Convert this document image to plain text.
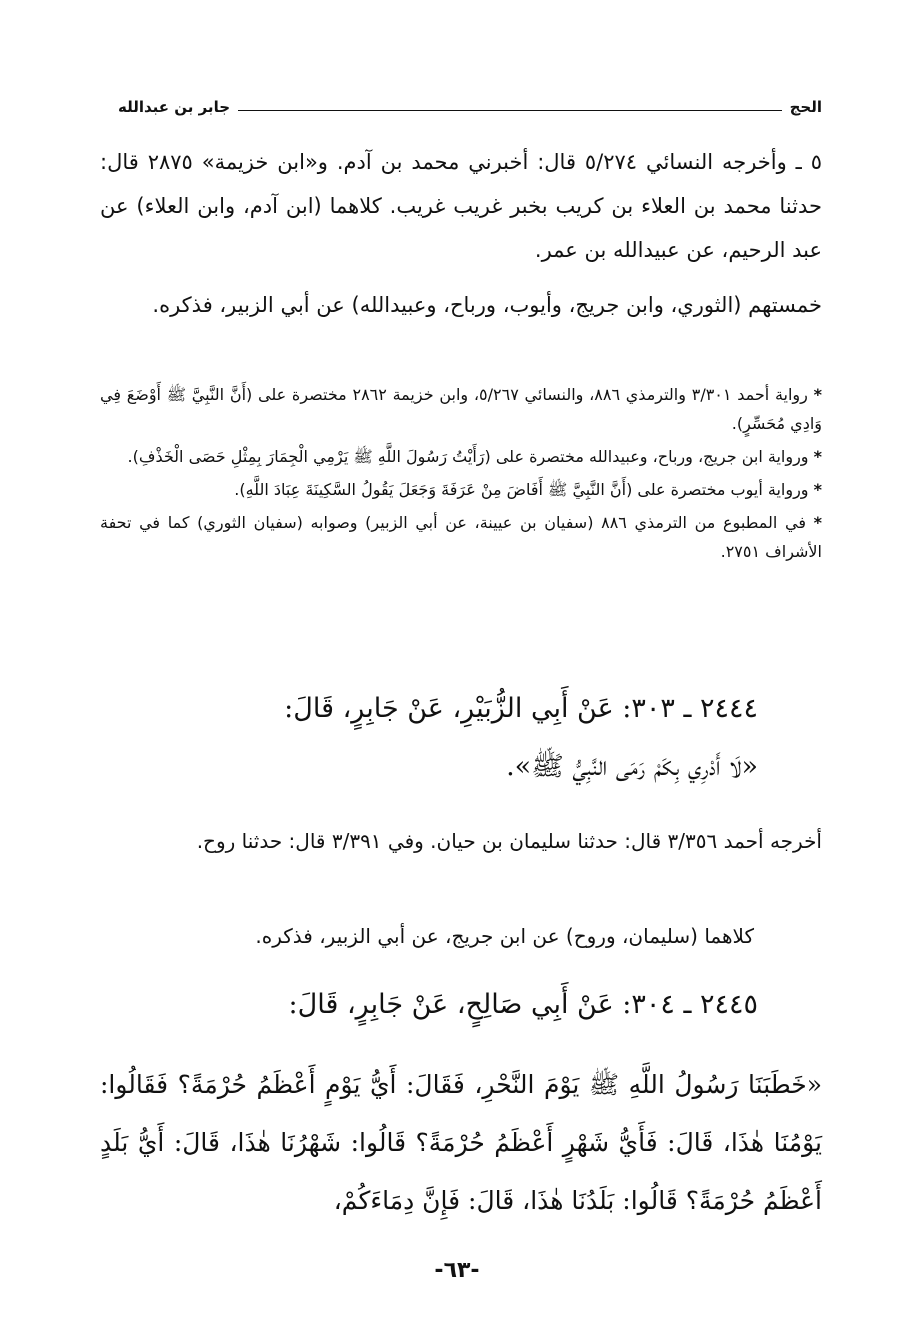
الحج
جابر بن عبدالله
٥ ـ وأخرجه النسائي ٥/٢٧٤ قال: أخبرني محمد بن آدم. و«ابن خزيمة» ٢٨٧٥ قال: حدثنا محمد بن العلاء بن كريب بخبر غريب غريب. كلاهما (ابن آدم، وابن العلاء) عن عبد الرحيم، عن عبيدالله بن عمر.
خمستهم (الثوري، وابن جريج، وأيوب، ورباح، وعبيدالله) عن أبي الزبير، فذكره.
* رواية أحمد ٣/٣٠١ والترمذي ٨٨٦، والنسائي ٥/٢٦٧، وابن خزيمة ٢٨٦٢ مختصرة على (أَنَّ النَّبِيَّ ﷺ أَوْضَعَ فِي وَادِي مُحَسِّرٍ).
* ورواية ابن جريج، ورباح، وعبيدالله مختصرة على (رَأَيْتُ رَسُولَ اللَّهِ ﷺ يَرْمِي الْجِمَارَ بِمِثْلِ حَصَى الْخَذْفِ).
* ورواية أيوب مختصرة على (أَنَّ النَّبِيَّ ﷺ أَفَاضَ مِنْ عَرَفَةَ وَجَعَلَ يَقُولُ السَّكِينَةَ عِبَادَ اللَّهِ).
* في المطبوع من الترمذي ٨٨٦ (سفيان بن عيينة، عن أبي الزبير) وصوابه (سفيان الثوري) كما في تحفة الأشراف ٢٧٥١.
٢٤٤٤ ـ ٣٠٣: عَنْ أَبِي الزُّبَيْرِ، عَنْ جَابِرٍ، قَالَ:
«لَا أَدْرِي بِكَمْ رَمَى النَّبِيُّ ﷺ».
أخرجه أحمد ٣/٣٥٦ قال: حدثنا سليمان بن حيان. وفي ٣/٣٩١ قال: حدثنا روح.
كلاهما (سليمان، وروح) عن ابن جريج، عن أبي الزبير، فذكره.
٢٤٤٥ ـ ٣٠٤: عَنْ أَبِي صَالِحٍ، عَنْ جَابِرٍ، قَالَ:
«خَطَبَنَا رَسُولُ اللَّهِ ﷺ يَوْمَ النَّحْرِ، فَقَالَ: أَيُّ يَوْمٍ أَعْظَمُ حُرْمَةً؟ فَقَالُوا: يَوْمُنَا هٰذَا، قَالَ: فَأَيُّ شَهْرٍ أَعْظَمُ حُرْمَةً؟ قَالُوا: شَهْرُنَا هٰذَا، قَالَ: أَيُّ بَلَدٍ أَعْظَمُ حُرْمَةً؟ قَالُوا: بَلَدُنَا هٰذَا، قَالَ: فَإِنَّ دِمَاءَكُمْ،
-٦٣-
